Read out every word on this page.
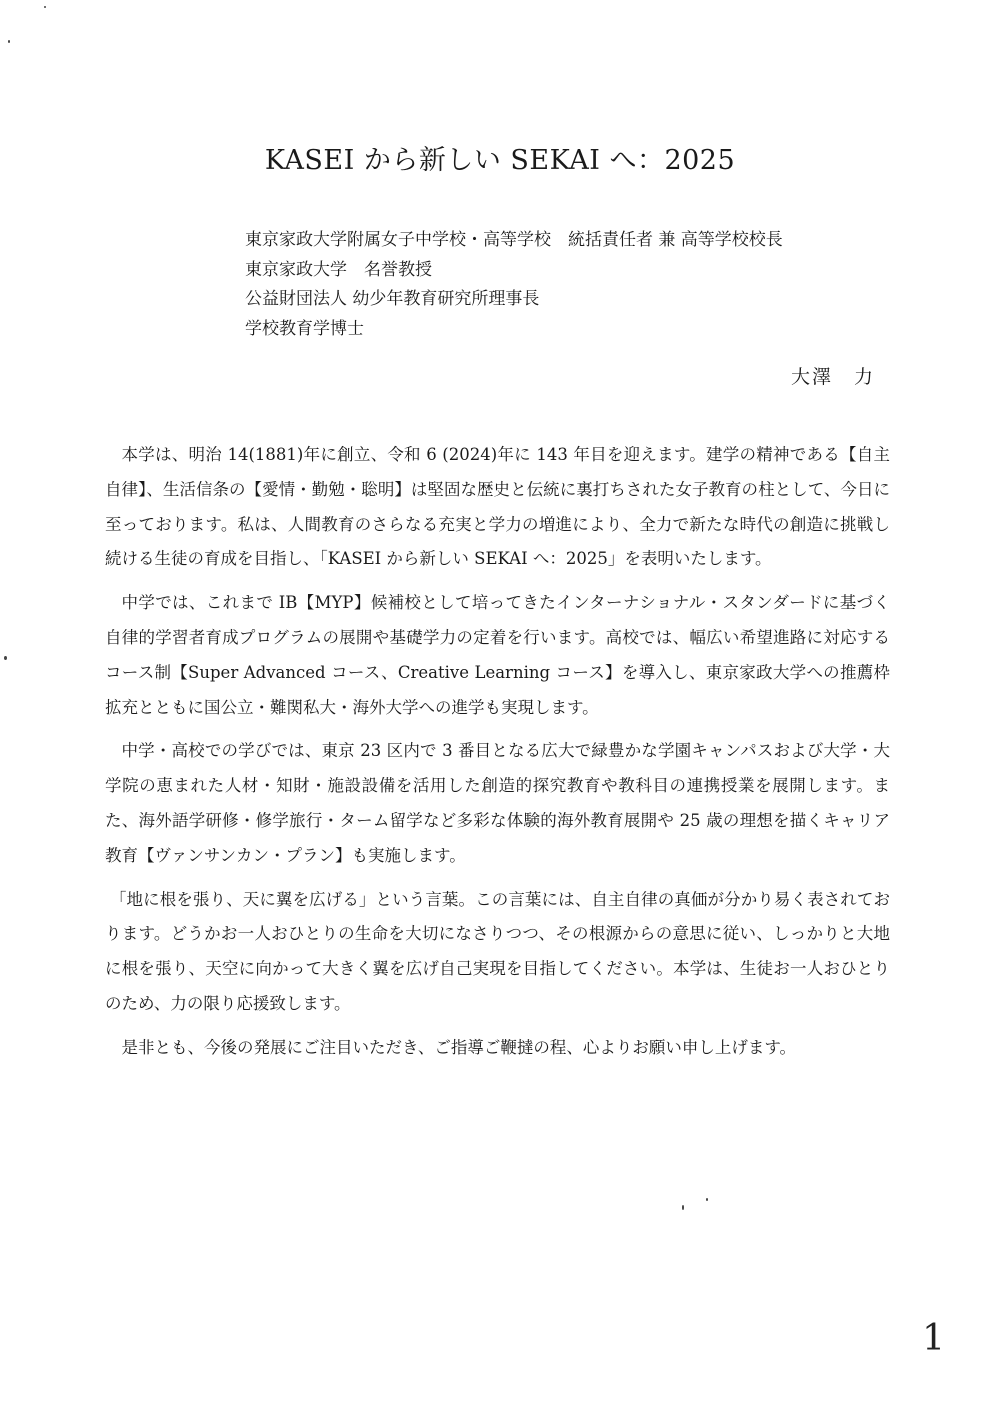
KASEI から新しい SEKAI へ：2025
東京家政大学附属女子中学校・高等学校　統括責任者 兼 高等学校校長
東京家政大学　名誉教授
公益財団法人 幼少年教育研究所理事長
学校教育学博士
大澤　力

本学は、明治 14(1881)年に創立、令和 6 (2024)年に 143 年目を迎えます。建学の精神である【自主自律】、生活信条の【愛情・勤勉・聡明】は堅固な歴史と伝統に裏打ちされた女子教育の柱として、今日に至っております。私は、人間教育のさらなる充実と学力の増進により、全力で新たな時代の創造に挑戦し続ける生徒の育成を目指し、「KASEI から新しい SEKAI へ：2025」を表明いたします。

中学では、これまで IB【MYP】候補校として培ってきたインターナショナル・スタンダードに基づく自律的学習者育成プログラムの展開や基礎学力の定着を行います。高校では、幅広い希望進路に対応するコース制【Super Advanced コース、Creative Learning コース】を導入し、東京家政大学への推薦枠拡充とともに国公立・難関私大・海外大学への進学も実現します。

中学・高校での学びでは、東京 23 区内で 3 番目となる広大で緑豊かな学園キャンパスおよび大学・大学院の恵まれた人材・知財・施設設備を活用した創造的探究教育や教科目の連携授業を展開します。また、海外語学研修・修学旅行・ターム留学など多彩な体験的海外教育展開や 25 歳の理想を描くキャリア教育【ヴァンサンカン・プラン】も実施します。

「地に根を張り、天に翼を広げる」という言葉。この言葉には、自主自律の真価が分かり易く表されております。どうかお一人おひとりの生命を大切になさりつつ、その根源からの意思に従い、しっかりと大地に根を張り、天空に向かって大きく翼を広げ自己実現を目指してください。本学は、生徒お一人おひとりのため、力の限り応援致します。

是非とも、今後の発展にご注目いただき、ご指導ご鞭撻の程、心よりお願い申し上げます。

1
